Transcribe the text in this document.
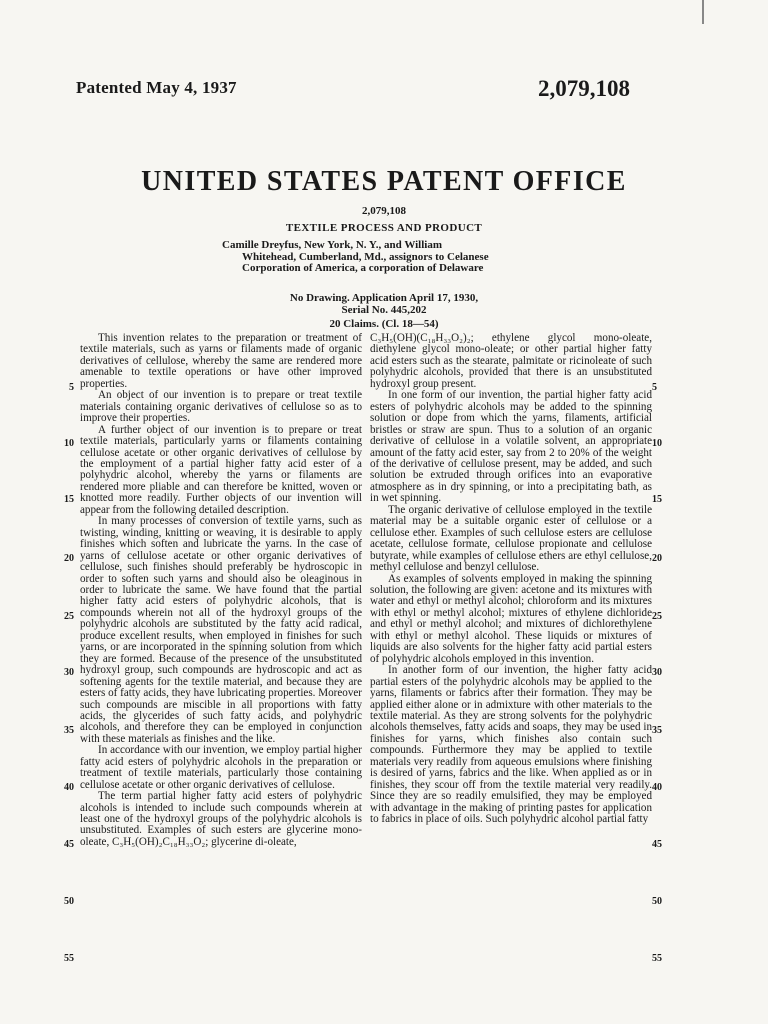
Patented May 4, 1937	2,079,108
UNITED STATES PATENT OFFICE
2,079,108
TEXTILE PROCESS AND PRODUCT
Camille Dreyfus, New York, N. Y., and William
Whitehead, Cumberland, Md., assignors to Celanese Corporation of America, a corporation of Delaware
No Drawing. Application April 17, 1930,
Serial No. 445,202
20 Claims. (Cl. 18—54)

This invention relates to the preparation or treatment of textile materials, such as yarns or filaments made of organic derivatives of cellulose, whereby the same are rendered more amenable to textile operations or have other improved properties.

An object of our invention is to prepare or treat textile materials containing organic derivatives of cellulose so as to improve their properties.

A further object of our invention is to prepare or treat textile materials, particularly yarns or filaments containing cellulose acetate or other organic derivatives of cellulose by the employment of a partial higher fatty acid ester of a polyhydric alcohol, whereby the yarns or filaments are rendered more pliable and can therefore be knitted, woven or knotted more readily. Further objects of our invention will appear from the following detailed description.

In many processes of conversion of textile yarns, such as twisting, winding, knitting or weaving, it is desirable to apply finishes which soften and lubricate the yarns. In the case of yarns of cellulose acetate or other organic derivatives of cellulose, such finishes should preferably be hydroscopic in order to soften such yarns and should also be oleaginous in order to lubricate the same. We have found that the partial higher fatty acid esters of polyhydric alcohols, that is compounds wherein not all of the hydroxyl groups of the polyhydric alcohols are substituted by the fatty acid radical, produce excellent results, when employed in finishes for such yarns, or are incorporated in the spinning solution from which they are formed. Because of the presence of the unsubstituted hydroxyl group, such compounds are hydroscopic and act as softening agents for the textile material, and because they are esters of fatty acids, they have lubricating properties. Moreover such compounds are miscible in all proportions with fatty acids, the glycerides of such fatty acids, and polyhydric alcohols, and therefore they can be employed in conjunction with these materials as finishes and the like.

In accordance with our invention, we employ partial higher fatty acid esters of polyhydric alcohols in the preparation or treatment of textile materials, particularly those containing cellulose acetate or other organic derivatives of cellulose.

The term partial higher fatty acid esters of polyhydric alcohols is intended to include such compounds wherein at least one of the hydroxyl groups of the polyhydric alcohols is unsubstituted. Examples of such esters are glycerine mono-oleate, C₃H₅(OH)₂C₁₈H₃₃O₂; glycerine di-oleate,

C₃H₅(OH)(C₁₈H₃₃O₂)₂; ethylene glycol mono-oleate, diethylene glycol mono-oleate; or other partial higher fatty acid esters such as the stearate, palmitate or ricinoleate of such polyhydric alcohols, provided that there is an unsubstituted hydroxyl group present.

In one form of our invention, the partial higher fatty acid esters of polyhydric alcohols may be added to the spinning solution or dope from which the yarns, filaments, artificial bristles or straw are spun. Thus to a solution of an organic derivative of cellulose in a volatile solvent, an appropriate amount of the fatty acid ester, say from 2 to 20% of the weight of the derivative of cellulose present, may be added, and such solution be extruded through orifices into an evaporative atmosphere as in dry spinning, or into a precipitating bath, as in wet spinning.

The organic derivative of cellulose employed in the textile material may be a suitable organic ester of cellulose or a cellulose ether. Examples of such cellulose esters are cellulose acetate, cellulose formate, cellulose propionate and cellulose butyrate, while examples of cellulose ethers are ethyl cellulose, methyl cellulose and benzyl cellulose.

As examples of solvents employed in making the spinning solution, the following are given: acetone and its mixtures with water and ethyl or methyl alcohol; chloroform and its mixtures with ethyl or methyl alcohol; mixtures of ethylene dichloride and ethyl or methyl alcohol; and mixtures of dichlorethylene with ethyl or methyl alcohol. These liquids or mixtures of liquids are also solvents for the higher fatty acid partial esters of polyhydric alcohols employed in this invention.

In another form of our invention, the higher fatty acid partial esters of the polyhydric alcohols may be applied to the yarns, filaments or fabrics after their formation. They may be applied either alone or in admixture with other materials to the textile material. As they are strong solvents for the polyhydric alcohols themselves, fatty acids and soaps, they may be used in finishes for yarns, which finishes also contain such compounds. Furthermore they may be applied to textile materials very readily from aqueous emulsions where finishing is desired of yarns, fabrics and the like. When applied as or in finishes, they scour off from the textile material very readily. Since they are so readily emulsified, they may be employed with advantage in the making of printing pastes for application to fabrics in place of oils. Such polyhydric alcohol partial fatty

5
10
15
20
25
30
35
40
45
50
55
5
10
15
20
25
30
35
40
45
50
55
